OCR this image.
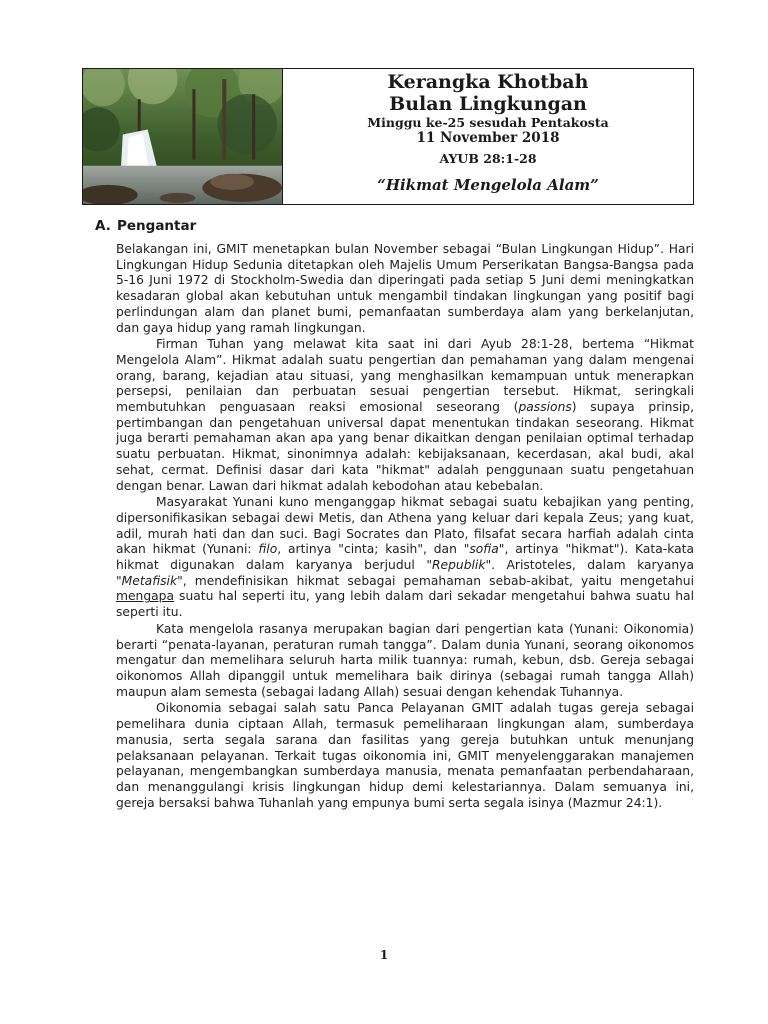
Kerangka Khotbah
Bulan Lingkungan
Minggu ke-25 sesudah Pentakosta
11 November 2018
AYUB 28:1-28
“Hikmat Mengelola Alam”
A. Pengantar

Belakangan ini, GMIT menetapkan bulan November sebagai “Bulan Lingkungan Hidup”. Hari Lingkungan Hidup Sedunia ditetapkan oleh Majelis Umum Perserikatan Bangsa-Bangsa pada 5-16 Juni 1972 di Stockholm-Swedia dan diperingati pada setiap 5 Juni demi meningkatkan kesadaran global akan kebutuhan untuk mengambil tindakan lingkungan yang positif bagi perlindungan alam dan planet bumi, pemanfaatan sumberdaya alam yang berkelanjutan, dan gaya hidup yang ramah lingkungan.

Firman Tuhan yang melawat kita saat ini dari Ayub 28:1-28, bertema “Hikmat Mengelola Alam”. Hikmat adalah suatu pengertian dan pemahaman yang dalam mengenai orang, barang, kejadian atau situasi, yang menghasilkan kemampuan untuk menerapkan persepsi, penilaian dan perbuatan sesuai pengertian tersebut. Hikmat, seringkali membutuhkan penguasaan reaksi emosional seseorang (passions) supaya prinsip, pertimbangan dan pengetahuan universal dapat menentukan tindakan seseorang. Hikmat juga berarti pemahaman akan apa yang benar dikaitkan dengan penilaian optimal terhadap suatu perbuatan. Hikmat, sinonimnya adalah: kebijaksanaan, kecerdasan, akal budi, akal sehat, cermat. Definisi dasar dari kata "hikmat" adalah penggunaan suatu pengetahuan dengan benar. Lawan dari hikmat adalah kebodohan atau kebebalan.

Masyarakat Yunani kuno menganggap hikmat sebagai suatu kebajikan yang penting, dipersonifikasikan sebagai dewi Metis, dan Athena yang keluar dari kepala Zeus; yang kuat, adil, murah hati dan dan suci. Bagi Socrates dan Plato, filsafat secara harfiah adalah cinta akan hikmat (Yunani: filo, artinya "cinta; kasih", dan "sofia", artinya "hikmat"). Kata-kata hikmat digunakan dalam karyanya berjudul "Republik". Aristoteles, dalam karyanya "Metafisik", mendefinisikan hikmat sebagai pemahaman sebab-akibat, yaitu mengetahui mengapa suatu hal seperti itu, yang lebih dalam dari sekadar mengetahui bahwa suatu hal seperti itu.

Kata mengelola rasanya merupakan bagian dari pengertian kata (Yunani: Oikonomia) berarti “penata-layanan, peraturan rumah tangga”. Dalam dunia Yunani, seorang oikonomos mengatur dan memelihara seluruh harta milik tuannya: rumah, kebun, dsb. Gereja sebagai oikonomos Allah dipanggil untuk memelihara baik dirinya (sebagai rumah tangga Allah) maupun alam semesta (sebagai ladang Allah) sesuai dengan kehendak Tuhannya.

Oikonomia sebagai salah satu Panca Pelayanan GMIT adalah tugas gereja sebagai pemelihara dunia ciptaan Allah, termasuk pemeliharaan lingkungan alam, sumberdaya manusia, serta segala sarana dan fasilitas yang gereja butuhkan untuk menunjang pelaksanaan pelayanan. Terkait tugas oikonomia ini, GMIT menyelenggarakan manajemen pelayanan, mengembangkan sumberdaya manusia, menata pemanfaatan perbendaharaan, dan menanggulangi krisis lingkungan hidup demi kelestariannya. Dalam semuanya ini, gereja bersaksi bahwa Tuhanlah yang empunya bumi serta segala isinya (Mazmur 24:1).

1
